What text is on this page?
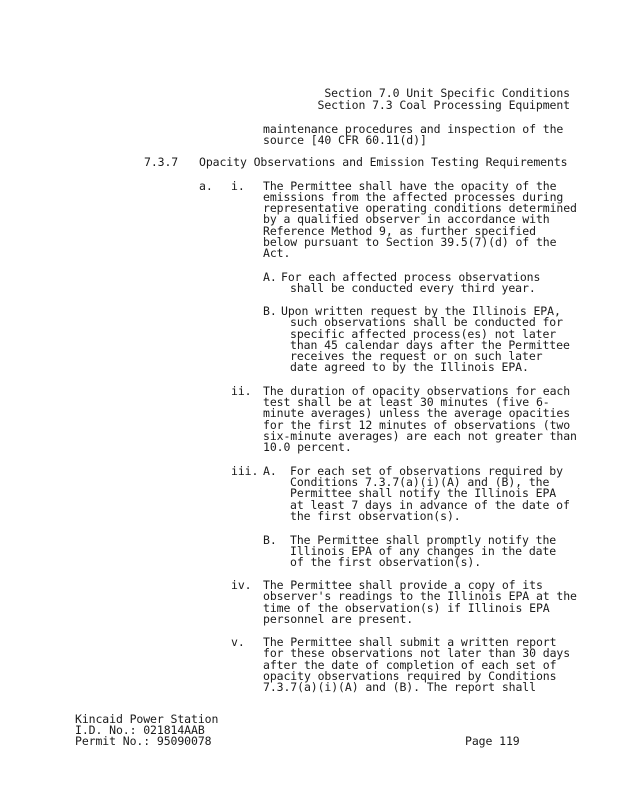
Section 7.0 Unit Specific Conditions
Section 7.3 Coal Processing Equipment
maintenance procedures and inspection of the
source [40 CFR 60.11(d)]
7.3.7 Opacity Observations and Emission Testing Requirements
a. i. The Permittee shall have the opacity of the
emissions from the affected processes during
representative operating conditions determined
by a qualified observer in accordance with
Reference Method 9, as further specified
below pursuant to Section 39.5(7)(d) of the
Act.
A. For each affected process observations
shall be conducted every third year.
B. Upon written request by the Illinois EPA,
such observations shall be conducted for
specific affected process(es) not later
than 45 calendar days after the Permittee
receives the request or on such later
date agreed to by the Illinois EPA.
ii. The duration of opacity observations for each
test shall be at least 30 minutes (five 6-
minute averages) unless the average opacities
for the first 12 minutes of observations (two
six-minute averages) are each not greater than
10.0 percent.
iii. A. For each set of observations required by
Conditions 7.3.7(a)(i)(A) and (B), the
Permittee shall notify the Illinois EPA
at least 7 days in advance of the date of
the first observation(s).
B. The Permittee shall promptly notify the
Illinois EPA of any changes in the date
of the first observation(s).
iv. The Permittee shall provide a copy of its
observer's readings to the Illinois EPA at the
time of the observation(s) if Illinois EPA
personnel are present.
v. The Permittee shall submit a written report
for these observations not later than 30 days
after the date of completion of each set of
opacity observations required by Conditions
7.3.7(a)(i)(A) and (B). The report shall
Kincaid Power Station
I.D. No.: 021814AAB
Permit No.: 95090078	Page 119
